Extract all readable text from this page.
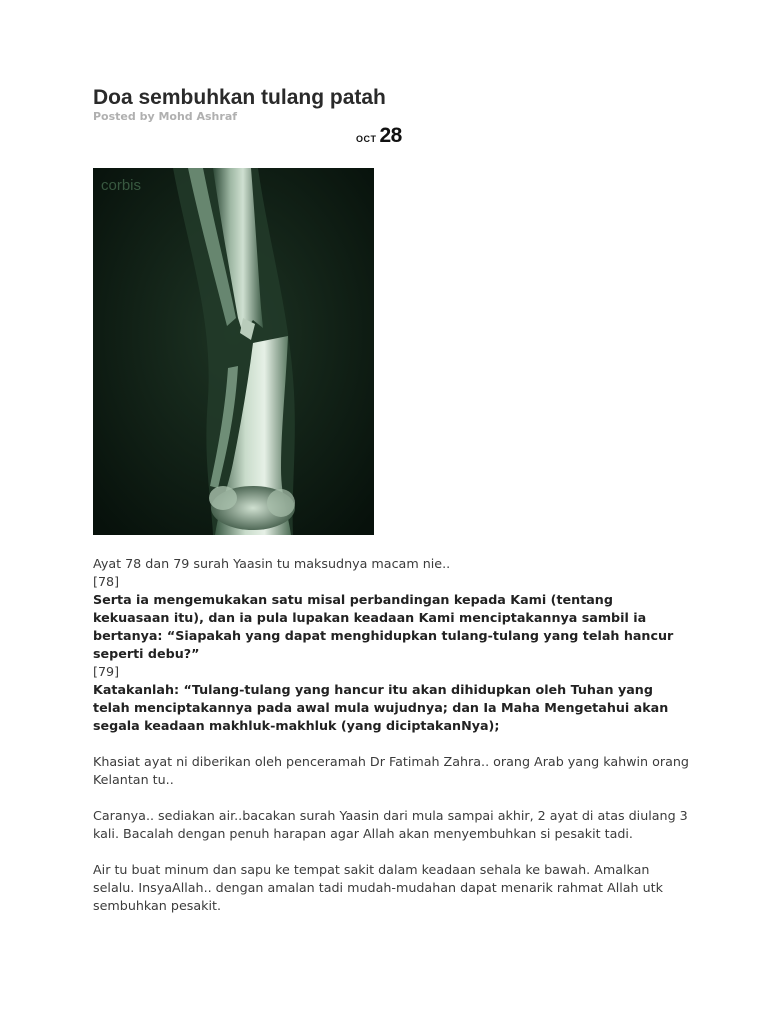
Doa sembuhkan tulang patah
Posted by Mohd Ashraf
OCT 28
corbis

Ayat 78 dan 79 surah Yaasin tu maksudnya macam nie..

[78]

Serta ia mengemukakan satu misal perbandingan kepada Kami (tentang kekuasaan itu), dan ia pula lupakan keadaan Kami menciptakannya sambil ia bertanya: “Siapakah yang dapat menghidupkan tulang-tulang yang telah hancur seperti debu?”

[79]

Katakanlah: “Tulang-tulang yang hancur itu akan dihidupkan oleh Tuhan yang telah menciptakannya pada awal mula wujudnya; dan Ia Maha Mengetahui akan segala keadaan makhluk-makhluk (yang diciptakanNya);

Khasiat ayat ni diberikan oleh penceramah Dr Fatimah Zahra.. orang Arab yang kahwin orang Kelantan tu..

Caranya.. sediakan air..bacakan surah Yaasin dari mula sampai akhir, 2 ayat di atas diulang 3 kali. Bacalah dengan penuh harapan agar Allah akan menyembuhkan si pesakit tadi.

Air tu buat minum dan sapu ke tempat sakit dalam keadaan sehala ke bawah. Amalkan selalu. InsyaAllah.. dengan amalan tadi mudah-mudahan dapat menarik rahmat Allah utk sembuhkan pesakit.
